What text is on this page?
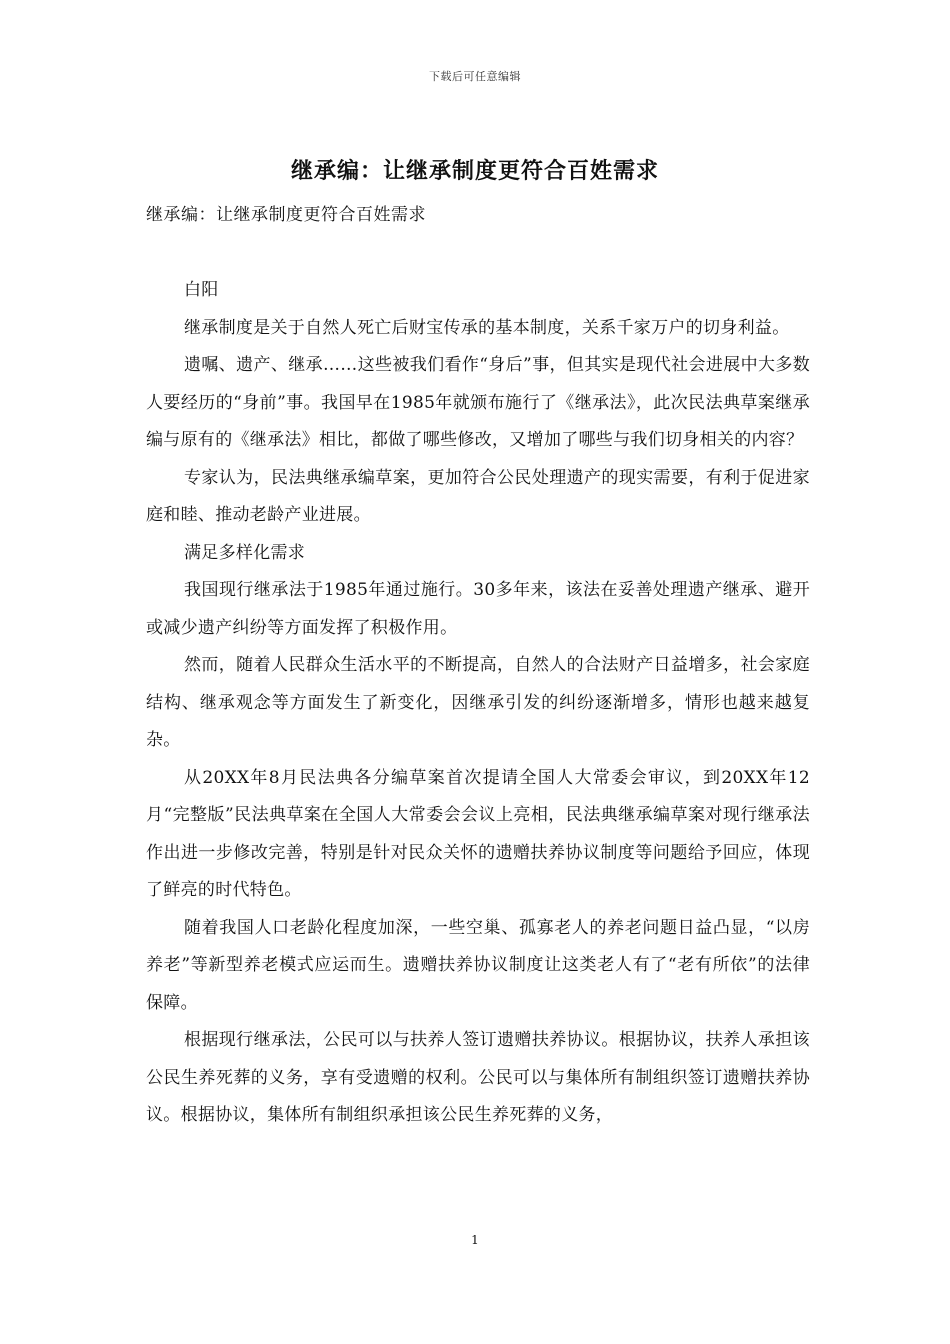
下载后可任意编辑
继承编：让继承制度更符合百姓需求
继承编：让继承制度更符合百姓需求

白阳

继承制度是关于自然人死亡后财宝传承的基本制度，关系千家万户的切身利益。

遗嘱、遗产、继承……这些被我们看作“身后”事，但其实是现代社会进展中大多数人要经历的“身前”事。我国早在1985年就颁布施行了《继承法》，此次民法典草案继承编与原有的《继承法》相比，都做了哪些修改，又增加了哪些与我们切身相关的内容？

专家认为，民法典继承编草案，更加符合公民处理遗产的现实需要，有利于促进家庭和睦、推动老龄产业进展。

满足多样化需求

我国现行继承法于1985年通过施行。30多年来，该法在妥善处理遗产继承、避开或减少遗产纠纷等方面发挥了积极作用。

然而，随着人民群众生活水平的不断提高，自然人的合法财产日益增多，社会家庭结构、继承观念等方面发生了新变化，因继承引发的纠纷逐渐增多，情形也越来越复杂。

从20XX年8月民法典各分编草案首次提请全国人大常委会审议，到20XX年12月“完整版”民法典草案在全国人大常委会会议上亮相，民法典继承编草案对现行继承法作出进一步修改完善，特别是针对民众关怀的遗赠扶养协议制度等问题给予回应，体现了鲜亮的时代特色。

随着我国人口老龄化程度加深，一些空巢、孤寡老人的养老问题日益凸显，“以房养老”等新型养老模式应运而生。遗赠扶养协议制度让这类老人有了“老有所依”的法律保障。

根据现行继承法，公民可以与扶养人签订遗赠扶养协议。根据协议，扶养人承担该公民生养死葬的义务，享有受遗赠的权利。公民可以与集体所有制组织签订遗赠扶养协议。根据协议，集体所有制组织承担该公民生养死葬的义务，

1
